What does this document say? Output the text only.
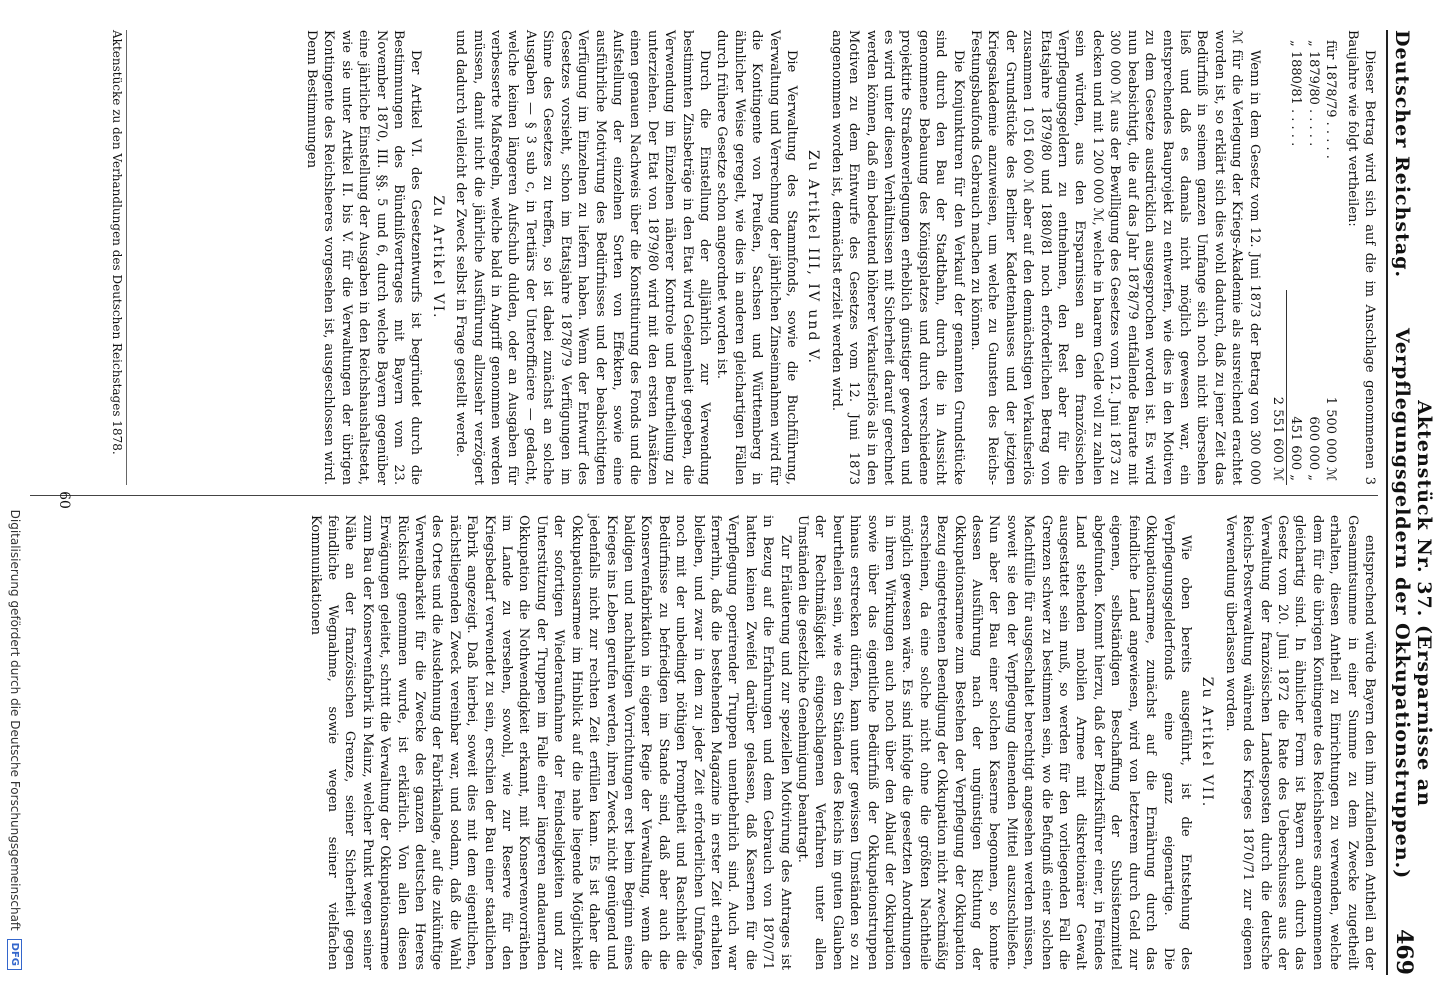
Deutscher Reichstag.
Aktenstück Nr. 37. (Ersparnisse an Verpflegungsgeldern der Okkupationstruppen.)
469

Dieser Betrag wird sich auf die im Anschlage genommenen 3 Baujahre wie folgt vertheilen:

für 1878/79 . . . . .
1 500 000 ℳ
„ 1879/80 . . . . .
600 000 „
„ 1880/81 . . . . .
451 600 „
2 551 600 ℳ

Wenn in dem Gesetz vom 12. Juni 1873 der Betrag von 300 000 ℳ für die Verlegung der Kriegs-Akademie als ausreichend erachtet worden ist, so erklärt sich dies wohl dadurch, daß zu jener Zeit das Bedürfniß in seinem ganzen Umfange sich noch nicht übersehen ließ und daß es damals nicht möglich gewesen war, ein entsprechendes Bauprojekt zu entwerfen, wie dies in den Motiven zu dem Gesetze ausdrücklich ausgesprochen worden ist. Es wird nun beabsichtigt, die auf das Jahr 1878/79 entfallende Baurate mit 300 000 ℳ aus der Bewilligung des Gesetzes vom 12. Juni 1873 zu decken und mit 1 200 000 ℳ, welche in baarem Gelde voll zu zahlen sein würden, aus den Ersparnissen an den französischen Verpflegungsgeldern zu entnehmen, den Rest aber für die Etatsjahre 1879/80 und 1880/81 noch erforderlichen Betrag von zusammen 1 051 600 ℳ aber auf den demnächstigen Verkaufserlös der Grundstücke des Berliner Kadettenhauses und der jetzigen Kriegsakademie anzuweisen, um welche zu Gunsten des Reichs-Festungsbaufonds Gebrauch machen zu können.

Die Konjunkturen für den Verkauf der genannten Grundstücke sind durch den Bau der Stadtbahn, durch die in Aussicht genommene Bebauung des Königsplatzes und durch verschiedene projektirte Straßenverlegungen erheblich günstiger geworden und es wird unter diesen Verhältnissen mit Sicherheit darauf gerechnet werden können, daß ein bedeutend höherer Verkaufserlös als in den Motiven zu dem Entwurfe des Gesetzes vom 12. Juni 1873 angenommen worden ist, demnächst erzielt werden wird.

Zu Artikel III, IV und V.

Die Verwaltung des Stammfonds, sowie die Buchführung, Verwaltung und Verrechnung der jährlichen Zinseinnahmen wird für die Kontingente von Preußen, Sachsen und Württemberg in ähnlicher Weise geregelt, wie dies in anderen gleichartigen Fällen durch frühere Gesetze schon angeordnet worden ist.

Durch die Einstellung der alljährlich zur Verwendung bestimmten Zinsbeträge in den Etat wird Gelegenheit gegeben, die Verwendung im Einzelnen näherer Kontrole und Beurtheilung zu unterziehen. Der Etat von 1879/80 wird mit den ersten Ansätzen einen genauen Nachweis über die Konstituirung des Fonds und die Aufstellung der einzelnen Sorten von Effekten, sowie eine ausführliche Motivirung des Bedürfnisses und der beabsichtigten Verfügung im Einzelnen zu liefern haben. Wenn der Entwurf des Gesetzes vorsieht, schon im Etatsjahre 1878/79 Verfügungen im Sinne des Gesetzes zu treffen, so ist dabei zunächst an solche Ausgaben — § 3 sub c, in Tertiärs der Unterofficiere — gedacht, welche keinen längeren Aufschub dulden, oder an Ausgaben für verbesserte Maßregeln, welche bald in Angriff genommen werden müssen, damit nicht die jährliche Ausführung allzusehr verzögert und dadurch vielleicht der Zweck selbst in Frage gestellt werde.

Zu Artikel VI.

Der Artikel VI. des Gesetzentwurfs ist begründet durch die Bestimmungen des Bündnißvertrages mit Bayern vom 23. November 1870, III. §§. 5 und 6, durch welche Bayern gegenüber eine jährliche Einstellung der Ausgaben in den Reichshaushaltsetat, wie sie unter Artikel II. bis V. für die Verwaltungen der übrigen Kontingente des Reichsheeres vorgesehen ist, ausgeschlossen wird. Denn Bestimmungen

Aktenstücke zu den Verhandlungen des Deutschen Reichstages 1878.

entsprechend würde Bayern den ihm zufallenden Antheil an der Gesammtsumme in einer Summe zu dem Zwecke zugetheilt erhalten, diesen Antheil zu Einrichtungen zu verwenden, welche dem für die übrigen Kontingente des Reichsheeres angenommenen gleichartig sind. In ähnlicher Form ist Bayern auch durch das Gesetz vom 20. Juni 1872 die Rate des Ueberschusses aus der Verwaltung der französischen Landesposten durch die deutsche Reichs-Postverwaltung während des Krieges 1870/71 zur eigenen Verwendung überlassen worden.

Zu Artikel VII.

Wie oben bereits ausgeführt, ist die Entstehung des Verpflegungsgelderfonds eine ganz eigenartige. Die Okkupationsarmee, zunächst auf die Ernährung durch das feindliche Land angewiesen, wird von letzterem durch Geld zur eigenen, selbständigen Beschaffung der Subsistenzmittel abgefunden. Kommt hierzu, daß der Bezirksführer einer, in Feindes Land stehenden mobilen Armee mit diskretionärer Gewalt ausgestattet sein muß, so werden für den vorliegenden Fall die Grenzen schwer zu bestimmen sein, wo die Befugniß einer solchen Machtfülle für ausgeschaltet berechtigt angesehen werden müssen, soweit sie den der Verpflegung dienenden Mittel auszuschließen. Nun aber der Bau einer solchen Kaserne begonnen, so konnte dessen Ausführung nach der ungünstigen Richtung der Okkupationsarmee zum Bestehen der Verpflegung der Okkupation Bezug eingetretenen Beendigung der Okkupation nicht zweckmäßig erscheinen, da eine solche nicht ohne die größten Nachtheile möglich gewesen wäre. Es sind infolge die gesetzten Anordnungen in ihren Wirkungen auch noch über den Ablauf der Okkupation sowie über das eigentliche Bedürfniß der Okkupationstruppen hinaus erstrecken dürfen, kann unter gewissen Umständen so zu beurtheilen sein, wie es den Ständen des Reichs im guten Glauben der Rechtmäßigkeit eingeschlagenen Verfahren unter allen Umständen die gesetzliche Genehmigung beantragt.

Zur Erläuterung und zur speziellen Motivirung des Antrages ist in Bezug auf die Erfahrungen und dem Gebrauch von 1870/71 hatten keinen Zweifel darüber gelassen, daß Kasernen für die Verpflegung operirender Truppen unentbehrlich sind. Auch war fernerhin, daß die bestehenden Magazine in erster Zeit erhalten bleiben, und zwar in dem zu jeder Zeit erforderlichen Umfange, noch mit der unbedingt nöthigen Promptheit und Raschheit die Bedürfnisse zu befriedigen im Stande sind, daß aber auch die Konservenfabrikation in eigener Regie der Verwaltung, wenn die baldigen und nachhaltigen Vorrichtungen erst beim Beginn eines Krieges ins Leben gerufen werden, ihren Zweck nicht genügend und jedenfalls nicht zur rechten Zeit erfüllen kann. Es ist daher die Okkupationsarmee im Hinblick auf die nahe liegende Möglichkeit der sofortigen Wiederaufnahme der Feindseligkeiten und zur Unterstützung der Truppen im Falle einer längeren andauernden Okkupation die Nothwendigkeit erkannt, mit Konservenvorräthen im Lande zu versehen, sowohl, wie zur Reserve für den Kriegsbedarf verwendet zu sein, erschien der Bau einer staatlichen Fabrik angezeigt. Daß hierbei, soweit dies mit dem eigentlichen, nächstliegenden Zweck vereinbar war, und sodann, daß die Wahl des Ortes und die Ausdehnung der Fabrikanlage, auf die zukünftige Verwendbarkeit für die Zwecke des ganzen deutschen Heeres Rücksicht genommen wurde, ist erklärlich. Von allen diesen Erwägungen geleitet, schritt die Verwaltung der Okkupationsarmee zum Bau der Konservenfabrik in Mainz, welcher Punkt wegen seiner Nähe an der französischen Grenze, seiner Sicherheit gegen feindliche Wegnahme, sowie wegen seiner vielfachen Kommunikationen

60
Digitalisierung gefördert durch die Deutsche Forschungsgemeinschaft
DFG
